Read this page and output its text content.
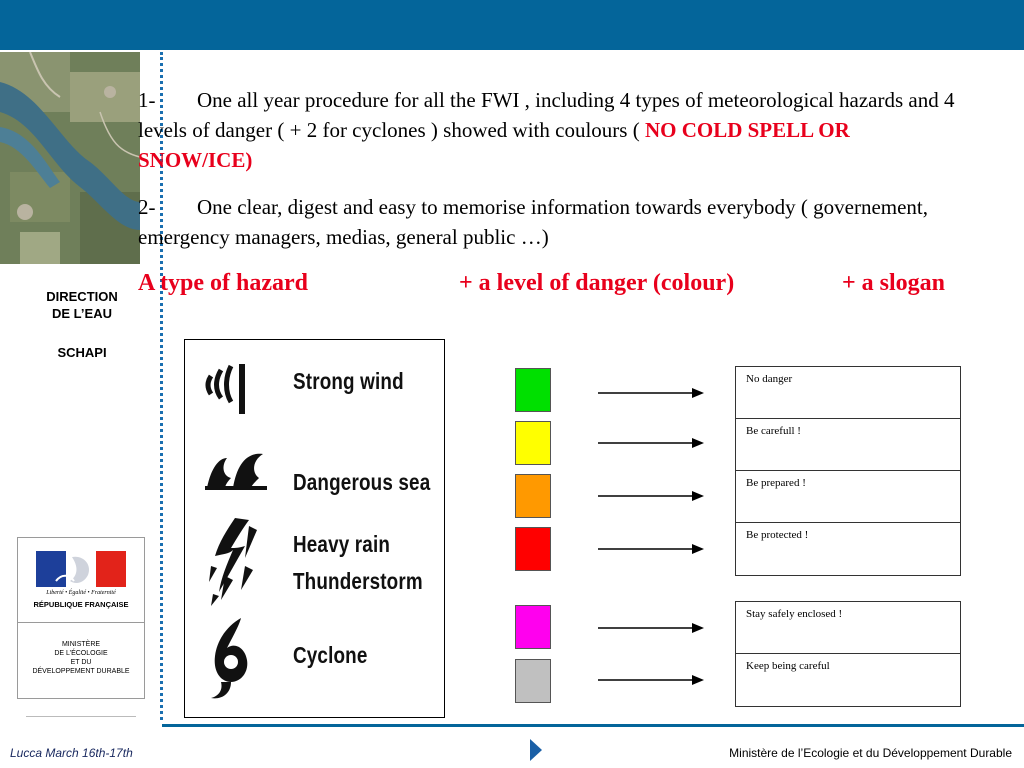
DIRECTION
DE L’EAU
SCHAPI
Liberté • Égalité • Fraternité
RÉPUBLIQUE FRANÇAISE
MINISTÈRE
DE L’ÉCOLOGIE
ET DU
DÉVELOPPEMENT DURABLE
1- One all year procedure for all the FWI , including 4 types of meteorological hazards and 4 levels of danger ( + 2 for cyclones ) showed with coulours ( NO COLD SPELL OR SNOW/ICE)
2- One clear, digest and easy to memorise information towards everybody ( governement, emergency managers, medias, general public …)
A type of hazard	+ a level of danger (colour)	+ a slogan
Strong wind
Dangerous sea
Heavy rain
Thunderstorm
Cyclone
No danger
Be carefull !
Be prepared !
Be protected !
Stay safely enclosed !
Keep being careful
Lucca March 16th-17th	Ministère de l’Ecologie et du Développement Durable
